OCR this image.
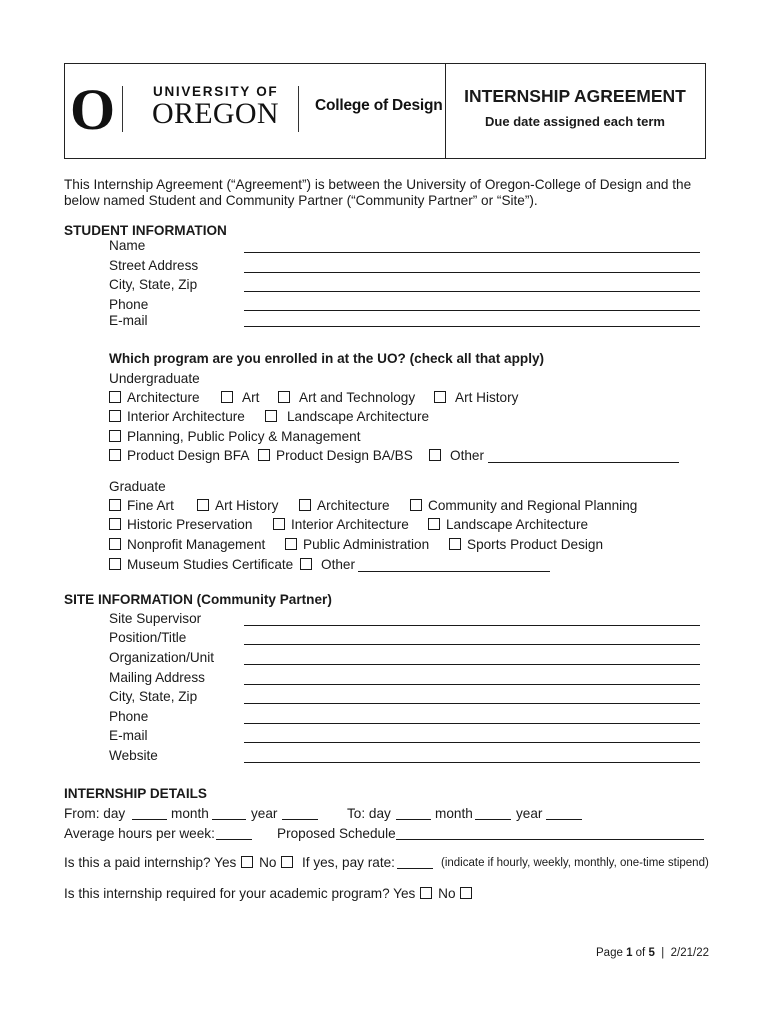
O	UNIVERSITY OF
OREGON College of Design	INTERNSHIP AGREEMENT
Due date assigned each term
This Internship Agreement (“Agreement”) is between the University of Oregon-College of Design and the
below named Student and Community Partner (“Community Partner” or “Site”).
STUDENT INFORMATION
Name
Street Address
City, State, Zip
Phone
E-mail
Which program are you enrolled in at the UO? (check all that apply)
Undergraduate
Architecture	Art	Art and Technology	Art History
Interior Architecture	Landscape Architecture
Planning, Public Policy & Management
Product Design BFA	Product Design BA/BS	Other
Graduate
Fine Art	Art History	Architecture	Community and Regional Planning
Historic Preservation	Interior Architecture	Landscape Architecture
Nonprofit Management	Public Administration	Sports Product Design
Museum Studies Certificate	Other
SITE INFORMATION (Community Partner)
Site Supervisor
Position/Title
Organization/Unit
Mailing Address
City, State, Zip
Phone
E-mail
Website
INTERNSHIP DETAILS
From: day	month	year	To: day	month	year
Average hours per week:	Proposed Schedule
Is this a paid internship? Yes No	If yes, pay rate:	(indicate if hourly, weekly, monthly, one-time stipend)
Is this internship required for your academic program? Yes No
Page 1 of 5  |  2/21/22
